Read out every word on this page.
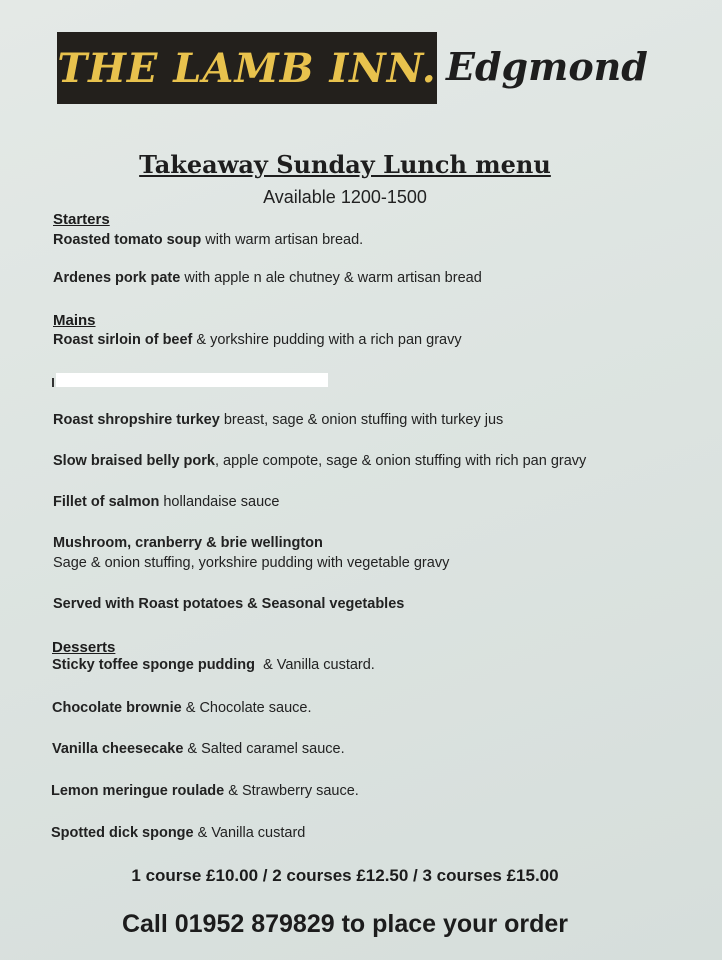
THE LAMB INN. Edgmond
Takeaway Sunday Lunch menu
Available 1200-1500
Starters
Roasted tomato soup with warm artisan bread.
Ardenes pork pate with apple n ale chutney & warm artisan bread
Mains
Roast sirloin of beef & yorkshire pudding with a rich pan gravy
Roast shropshire turkey breast, sage & onion stuffing with turkey jus
Slow braised belly pork, apple compote, sage & onion stuffing with rich pan gravy
Fillet of salmon hollandaise sauce
Mushroom, cranberry & brie wellington
Sage & onion stuffing, yorkshire pudding with vegetable gravy
Served with Roast potatoes & Seasonal vegetables
Desserts
Sticky toffee sponge pudding  & Vanilla custard.
Chocolate brownie & Chocolate sauce.
Vanilla cheesecake & Salted caramel sauce.
Lemon meringue roulade & Strawberry sauce.
Spotted dick sponge & Vanilla custard
1 course £10.00 / 2 courses £12.50 / 3 courses £15.00
Call 01952 879829 to place your order
